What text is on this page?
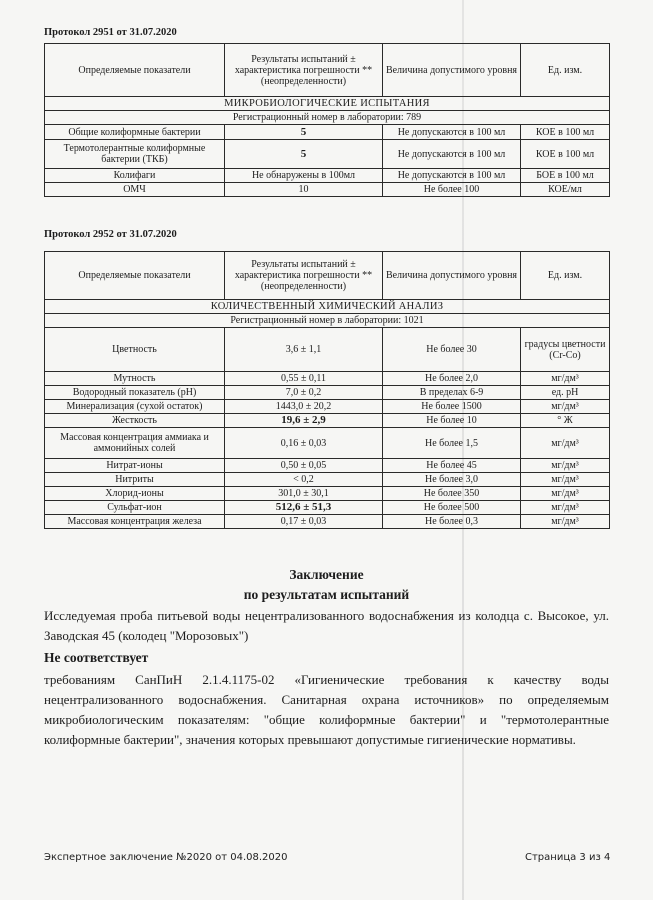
Протокол 2951 от 31.07.2020
Определяемые показатели	Результаты испытаний ± характеристика погрешности **(неопределенности)	Величина допустимого уровня	Ед. изм.
МИКРОБИОЛОГИЧЕСКИЕ ИСПЫТАНИЯ			
Регистрационный номер в лаборатории: 789			
Общие колиформные бактерии	5	Не допускаются в 100 мл	КОЕ в 100 мл
Термотолерантные колиформные бактерии (ТКБ)	5	Не допускаются в 100 мл	КОЕ в 100 мл
Колифаги	Не обнаружены в 100мл	Не допускаются в 100 мл	БОЕ в 100 мл
ОМЧ	10	Не более 100	КОЕ/мл
Протокол 2952 от 31.07.2020
Определяемые показатели	Результаты испытаний ± характеристика погрешности **(неопределенности)	Величина допустимого уровня	Ед. изм.
КОЛИЧЕСТВЕННЫЙ ХИМИЧЕСКИЙ АНАЛИЗ			
Регистрационный номер в лаборатории: 1021			
Цветность	3,6 ± 1,1	Не более 30	градусы цветности (Cr-Co)
Мутность	0,55 ± 0,11	Не более 2,0	мг/дм³
Водородный показатель (pH)	7,0 ± 0,2	В пределах 6-9	ед. pH
Минерализация (сухой остаток)	1443,0 ± 20,2	Не более 1500	мг/дм³
Жесткость	19,6 ± 2,9	Не более 10	° Ж
Массовая концентрация аммиака и аммонийных солей	0,16 ± 0,03	Не более 1,5	мг/дм³
Нитрат-ионы	0,50 ± 0,05	Не более 45	мг/дм³
Нитриты	< 0,2	Не более 3,0	мг/дм³
Хлорид-ионы	301,0 ± 30,1	Не более 350	мг/дм³
Сульфат-ион	512,6 ± 51,3	Не более 500	мг/дм³
Массовая концентрация железа	0,17 ± 0,03	Не более 0,3	мг/дм³
Заключение
по результатам испытаний
Исследуемая проба питьевой воды нецентрализованного водоснабжения из колодца с. Высокое, ул. Заводская 45 (колодец "Морозовых")
Не соответствует
требованиям СанПиН 2.1.4.1175-02 «Гигиенические требования к качеству воды нецентрализованного водоснабжения. Санитарная охрана источников» по определяемым микробиологическим показателям: "общие колиформные бактерии" и "термотолерантные колиформные бактерии", значения которых превышают допустимые гигиенические нормативы.
Экспертное заключение №2020 от 04.08.2020	Страница 3 из 4
